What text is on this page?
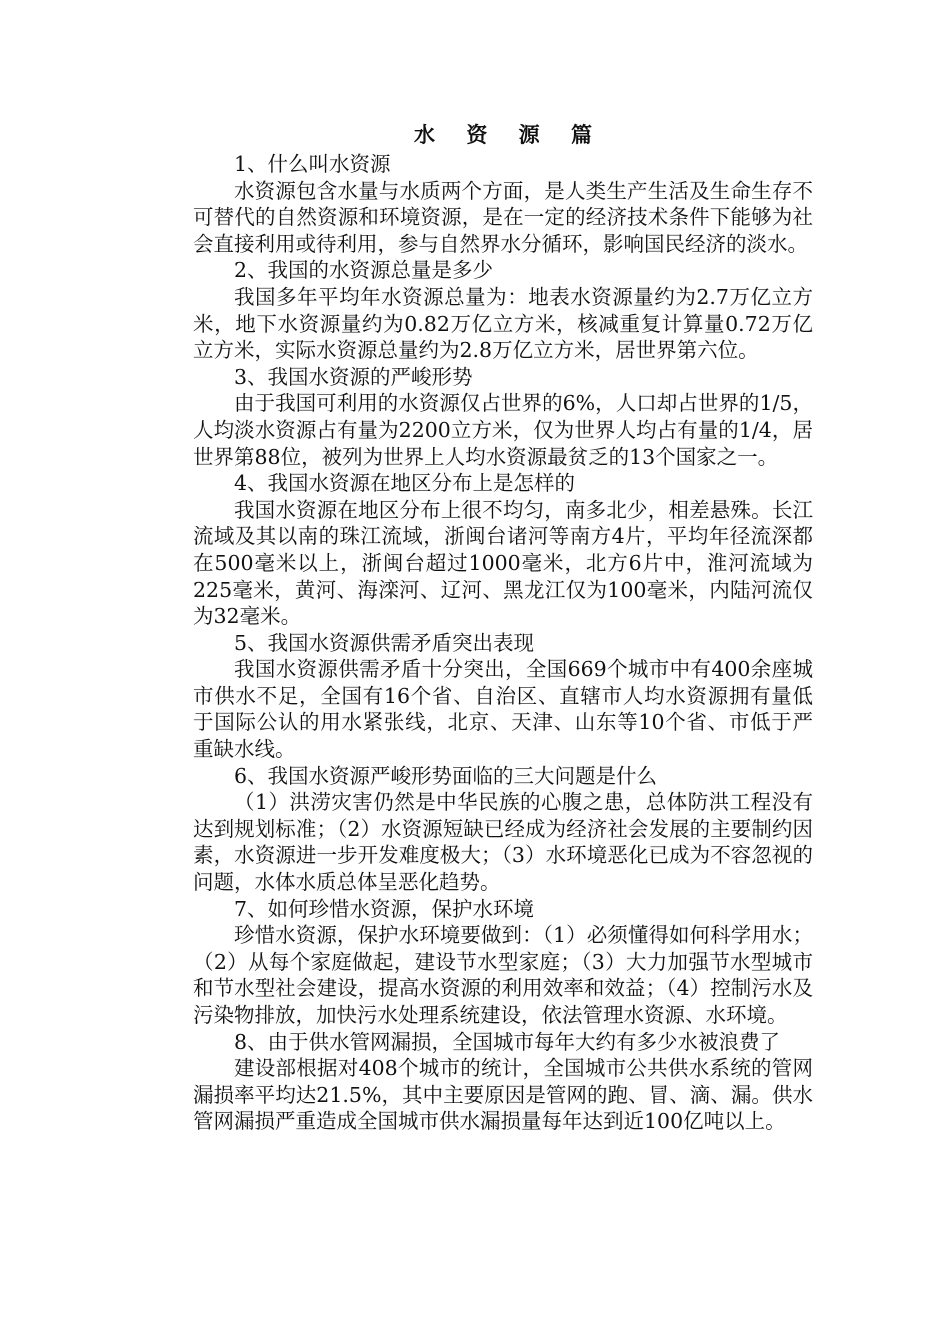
水 资 源 篇

1、什么叫水资源

水资源包含水量与水质两个方面，是人类生产生活及生命生存不可替代的自然资源和环境资源，是在一定的经济技术条件下能够为社会直接利用或待利用，参与自然界水分循环，影响国民经济的淡水。

2、我国的水资源总量是多少

我国多年平均年水资源总量为：地表水资源量约为2.7万亿立方米，地下水资源量约为0.82万亿立方米，核减重复计算量0.72万亿立方米，实际水资源总量约为2.8万亿立方米，居世界第六位。

3、我国水资源的严峻形势

由于我国可利用的水资源仅占世界的6%，人口却占世界的1/5，人均淡水资源占有量为2200立方米，仅为世界人均占有量的1/4，居世界第88位，被列为世界上人均水资源最贫乏的13个国家之一。

4、我国水资源在地区分布上是怎样的

我国水资源在地区分布上很不均匀，南多北少，相差悬殊。长江流域及其以南的珠江流域，浙闽台诸河等南方4片，平均年径流深都在500毫米以上，浙闽台超过1000毫米，北方6片中，淮河流域为225毫米，黄河、海滦河、辽河、黑龙江仅为100毫米，内陆河流仅为32毫米。

5、我国水资源供需矛盾突出表现

我国水资源供需矛盾十分突出，全国669个城市中有400余座城市供水不足，全国有16个省、自治区、直辖市人均水资源拥有量低于国际公认的用水紧张线，北京、天津、山东等10个省、市低于严重缺水线。

6、我国水资源严峻形势面临的三大问题是什么

（1）洪涝灾害仍然是中华民族的心腹之患，总体防洪工程没有达到规划标准；（2）水资源短缺已经成为经济社会发展的主要制约因素，水资源进一步开发难度极大；（3）水环境恶化已成为不容忽视的问题，水体水质总体呈恶化趋势。

7、如何珍惜水资源，保护水环境

珍惜水资源，保护水环境要做到：（1）必须懂得如何科学用水；（2）从每个家庭做起，建设节水型家庭；（3）大力加强节水型城市和节水型社会建设，提高水资源的利用效率和效益；（4）控制污水及污染物排放，加快污水处理系统建设，依法管理水资源、水环境。

8、由于供水管网漏损，全国城市每年大约有多少水被浪费了

建设部根据对408个城市的统计，全国城市公共供水系统的管网漏损率平均达21.5%，其中主要原因是管网的跑、冒、滴、漏。供水管网漏损严重造成全国城市供水漏损量每年达到近100亿吨以上。
